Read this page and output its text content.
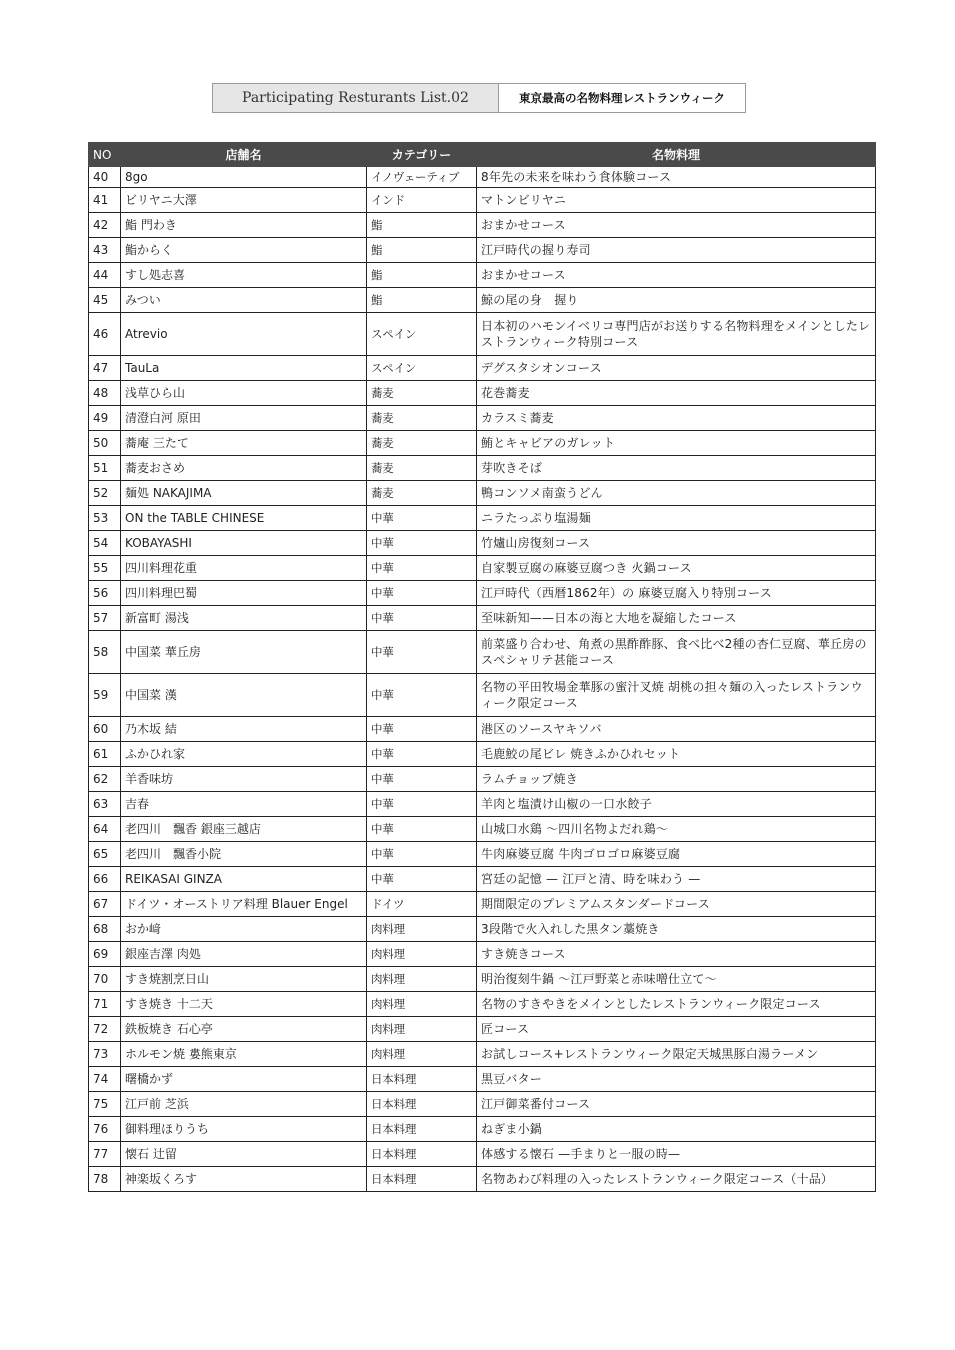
Participating Resturants List.02	東京最高の名物料理レストランウィーク
NO	店舗名	カテゴリー	名物料理
40	8go	イノヴェーティブ	8年先の未来を味わう食体験コース
41	ビリヤニ大澤	インド	マトンビリヤニ
42	鮨 門わき	鮨	おまかせコース
43	鮨からく	鮨	江戸時代の握り寿司
44	すし処志喜	鮨	おまかせコース
45	みつい	鮨	鯨の尾の身　握り
46	Atrevio	スペイン	日本初のハモンイベリコ専門店がお送りする名物料理をメインとしたレストランウィーク特別コース
47	TauLa	スペイン	デグスタシオンコース
48	浅草ひら山	蕎麦	花巻蕎麦
49	清澄白河 原田	蕎麦	カラスミ蕎麦
50	蕎庵 三たて	蕎麦	鮪とキャビアのガレット
51	蕎麦おさめ	蕎麦	芽吹きそば
52	麺処 NAKAJIMA	蕎麦	鴨コンソメ南蛮うどん
53	ON the TABLE CHINESE	中華	ニラたっぷり塩湯麺
54	KOBAYASHI	中華	竹爐山房復刻コース
55	四川料理花重	中華	自家製豆腐の麻婆豆腐つき 火鍋コース
56	四川料理巴蜀	中華	江戸時代（西暦1862年）の 麻婆豆腐入り特別コース
57	新富町 湯浅	中華	至味新知——日本の海と大地を凝縮したコース
58	中国菜 華丘房	中華	前菜盛り合わせ、角煮の黒酢酢豚、食べ比べ2種の杏仁豆腐、華丘房のスペシャリテ甚能コース
59	中国菜 漢	中華	名物の平田牧場金華豚の蜜汁叉焼 胡桃の担々麺の入ったレストランウィーク限定コース
60	乃木坂 結	中華	港区のソースヤキソバ
61	ふかひれ家	中華	毛鹿鮫の尾ビレ 焼きふかひれセット
62	羊香味坊	中華	ラムチョップ焼き
63	吉春	中華	羊肉と塩漬け山椒の一口水餃子
64	老四川　飄香 銀座三越店	中華	山城口水鶏 〜四川名物よだれ鶏〜
65	老四川　飄香小院	中華	牛肉麻婆豆腐 牛肉ゴロゴロ麻婆豆腐
66	REIKASAI GINZA	中華	宮廷の記憶 — 江戸と清、時を味わう —
67	ドイツ・オーストリア料理 Blauer Engel	ドイツ	期間限定のプレミアムスタンダードコース
68	おか﨑	肉料理	3段階で火入れした黒タン藁焼き
69	銀座吉澤 肉処	肉料理	すき焼きコース
70	すき焼割烹日山	肉料理	明治復刻牛鍋 〜江戸野菜と赤味噌仕立て〜
71	すき焼き 十二天	肉料理	名物のすきやきをメインとしたレストランウィーク限定コース
72	鉄板焼き 石心亭	肉料理	匠コース
73	ホルモン焼 婁熊東京	肉料理	お試しコース+レストランウィーク限定天城黒豚白湯ラーメン
74	曙橋かず	日本料理	黒豆バター
75	江戸前 芝浜	日本料理	江戸御菜番付コース
76	御料理ほりうち	日本料理	ねぎま小鍋
77	懐石 辻留	日本料理	体感する懐石 —手まりと一服の時—
78	神楽坂くろす	日本料理	名物あわび料理の入ったレストランウィーク限定コース（十品）
